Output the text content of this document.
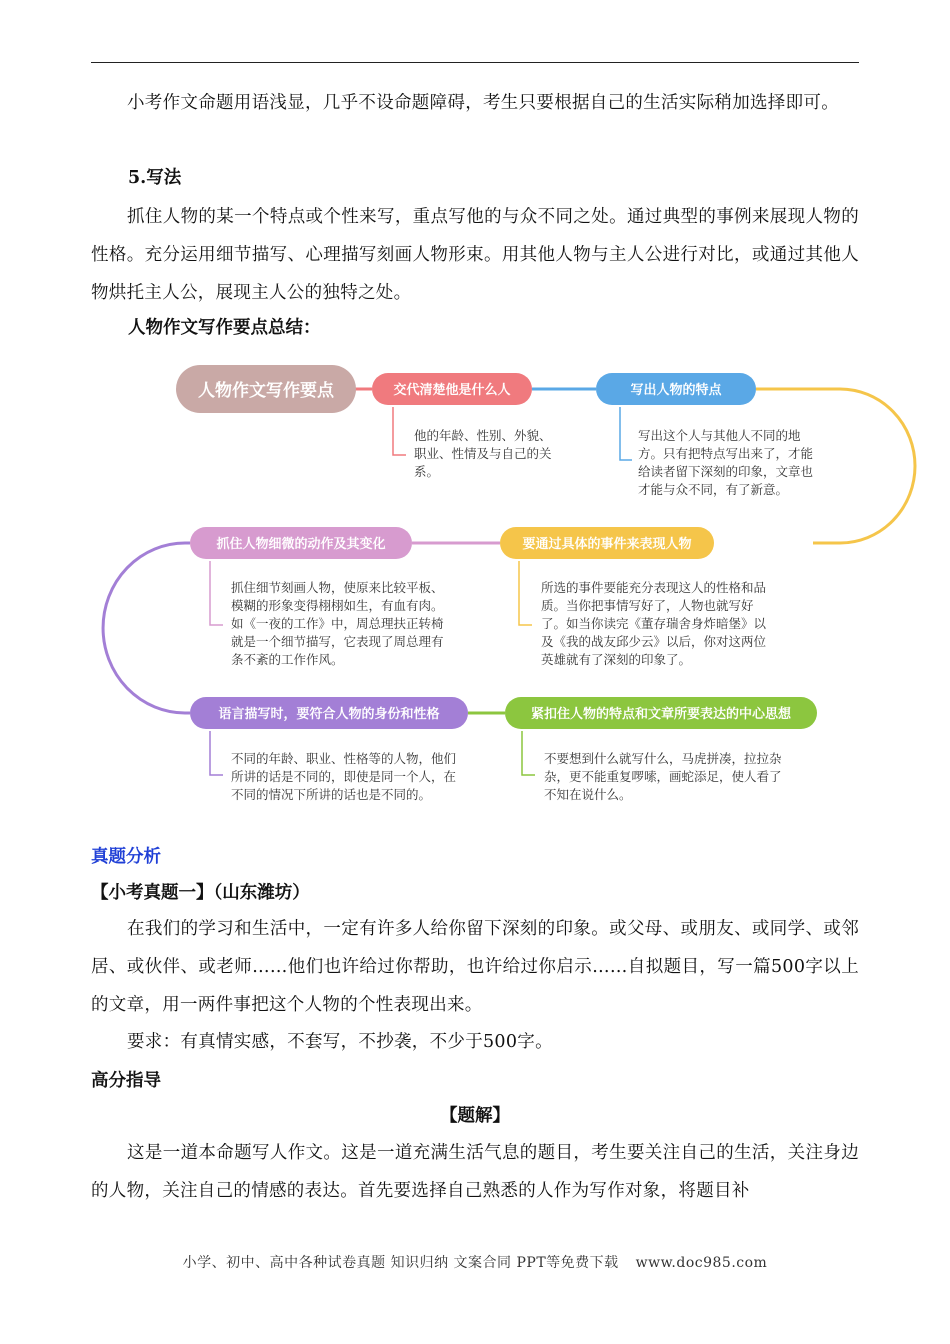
小考作文命题用语浅显，几乎不设命题障碍，考生只要根据自己的生活实际稍加选择即可。

5.写法

抓住人物的某一个特点或个性来写，重点写他的与众不同之处。通过典型的事例来展现人物的性格。充分运用细节描写、心理描写刻画人物形束。用其他人物与主人公进行对比，或通过其他人物烘托主人公，展现主人公的独特之处。

人物作文写作要点总结：
人物作文写作要点	交代清楚他是什么人
他的年龄、性别、外貌、
职业、性情及与自己的关
系。
写出人物的特点
写出这个人与其他人不同的地
方。只有把特点写出来了，才能
给读者留下深刻的印象，文章也
才能与众不同，有了新意。
要通过具体的事件来表现人物
所选的事件要能充分表现这人的性格和品
质。当你把事情写好了，人物也就写好
了。如当你读完《董存瑞舍身炸暗堡》以
及《我的战友邱少云》以后，你对这两位
英雄就有了深刻的印象了。
抓住人物细微的动作及其变化
抓住细节刻画人物，使原来比较平板、
模糊的形象变得栩栩如生，有血有肉。
如《一夜的工作》中，周总理扶正转椅
就是一个细节描写，它表现了周总理有
条不紊的工作作风。
语言描写时，要符合人物的身份和性格
不同的年龄、职业、性格等的人物，他们
所讲的话是不同的，即使是同一个人，在
不同的情况下所讲的话也是不同的。
紧扣住人物的特点和文章所要表达的中心思想
不要想到什么就写什么，马虎拼凑，拉拉杂
杂，更不能重复啰嗦，画蛇添足，使人看了
不知在说什么。
真题分析
【小考真题一】（山东潍坊）

在我们的学习和生活中，一定有许多人给你留下深刻的印象。或父母、或朋友、或同学、或邻居、或伙伴、或老师……他们也许给过你帮助，也许给过你启示……自拟题目，写一篇500字以上的文章，用一两件事把这个人物的个性表现出来。

要求：有真情实感，不套写，不抄袭，不少于500字。

高分指导
【题解】

这是一道本命题写人作文。这是一道充满生活气息的题目，考生要关注自己的生活，关注身边的人物，关注自己的情感的表达。首先要选择自己熟悉的人作为写作对象，将题目补

小学、初中、高中各种试卷真题 知识归纳 文案合同 PPT等免费下载 www.doc985.com
